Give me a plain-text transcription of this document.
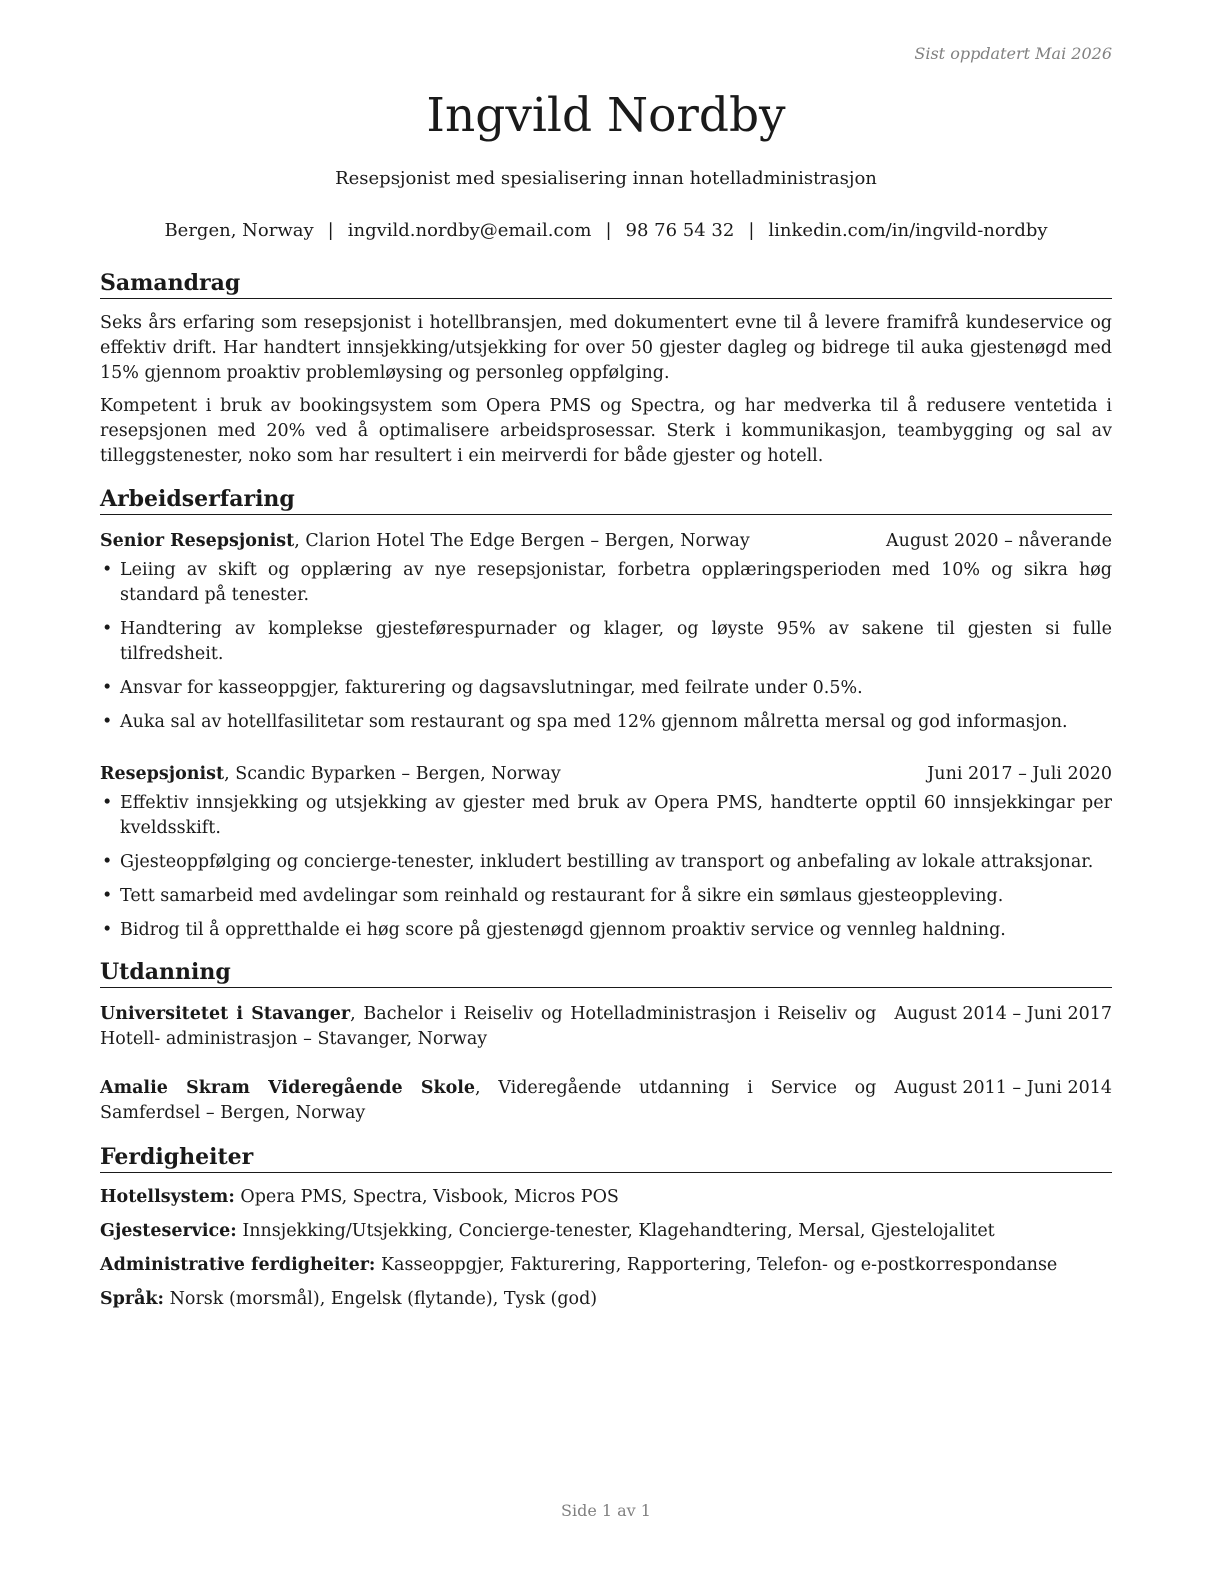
Sist oppdatert Mai 2026
Ingvild Nordby
Resepsjonist med spesialisering innan hotelladministrasjon
Bergen, Norway | ingvild.nordby@email.com | 98 76 54 32 | linkedin.com/in/ingvild-nordby
Samandrag

Seks års erfaring som resepsjonist i hotellbransjen, med dokumentert evne til å levere framifrå kundeservice og effektiv drift. Har handtert innsjekking/utsjekking for over 50 gjester dagleg og bidrege til auka gjestenøgd med 15% gjennom proaktiv problemløysing og personleg oppfølging.

Kompetent i bruk av bookingsystem som Opera PMS og Spectra, og har medverka til å redusere ventetida i resepsjonen med 20% ved å optimalisere arbeidsprosessar. Sterk i kommunikasjon, teambygging og sal av tilleggstenester, noko som har resultert i ein meirverdi for både gjester og hotell.

Arbeidserfaring
Senior Resepsjonist, Clarion Hotel The Edge Bergen – Bergen, Norway	August 2020 – nåverande
• Leiing av skift og opplæring av nye resepsjonistar, forbetra opplæringsperioden med 10% og sikra høg standard på tenester.
• Handtering av komplekse gjesteførespurnader og klager, og løyste 95% av sakene til gjesten si fulle tilfredsheit.
• Ansvar for kasseoppgjer, fakturering og dagsavslutningar, med feilrate under 0.5%.
• Auka sal av hotellfasilitetar som restaurant og spa med 12% gjennom målretta mersal og god informasjon.
Resepsjonist, Scandic Byparken – Bergen, Norway	Juni 2017 – Juli 2020
• Effektiv innsjekking og utsjekking av gjester med bruk av Opera PMS, handterte opptil 60 innsjekkingar per kveldsskift.
• Gjesteoppfølging og concierge-tenester, inkludert bestilling av transport og anbefaling av lokale attraksjonar.
• Tett samarbeid med avdelingar som reinhald og restaurant for å sikre ein sømlaus gjesteoppleving.
• Bidrog til å oppretthalde ei høg score på gjestenøgd gjennom proaktiv service og vennleg haldning.
Utdanning
Universitetet i Stavanger, Bachelor i Reiseliv og Hotelladministrasjon i Reiseliv og Hotell- administrasjon – Stavanger, Norway
August 2014 – Juni 2017
Amalie Skram Videregående Skole, Videregående utdanning i Service og Samferdsel – Bergen, Norway
August 2011 – Juni 2014
Ferdigheiter
Hotellsystem: Opera PMS, Spectra, Visbook, Micros POS
Gjesteservice: Innsjekking/Utsjekking, Concierge-tenester, Klagehandtering, Mersal, Gjestelojalitet
Administrative ferdigheiter: Kasseoppgjer, Fakturering, Rapportering, Telefon- og e-postkorrespondanse
Språk: Norsk (morsmål), Engelsk (flytande), Tysk (god)
Side 1 av 1
